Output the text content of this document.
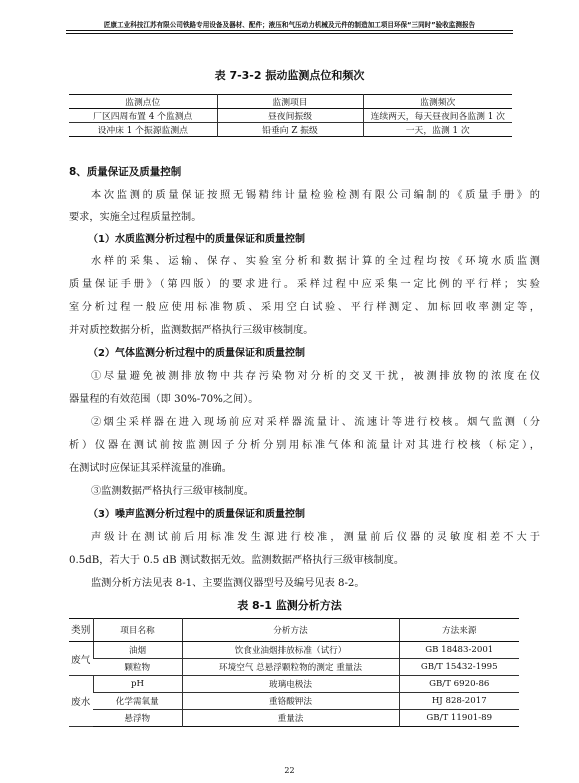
匠康工业科技江苏有限公司铁路专用设备及器材、配件；液压和气压动力机械及元件的制造加工项目环保“三同时”验收监测报告
表 7-3-2 振动监测点位和频次
监测点位	监测项目	监测频次
厂区四周布置 4 个监测点	昼夜间振级	连续两天，每天昼夜间各监测 1 次
设冲床 1 个振源监测点	铅垂向 Z 振级	一天，监测 1 次
8、质量保证及质量控制
本次监测的质量保证按照无锡精纬计量检验检测有限公司编制的《质量手册》的
要求，实施全过程质量控制。
（1）水质监测分析过程中的质量保证和质量控制
水样的采集、运输、保存、实验室分析和数据计算的全过程均按《环境水质监测
质量保证手册》（第四版）的要求进行。采样过程中应采集一定比例的平行样；实验
室分析过程一般应使用标准物质、采用空白试验、平行样测定、加标回收率测定等，
并对质控数据分析，监测数据严格执行三级审核制度。
（2）气体监测分析过程中的质量保证和质量控制
①尽量避免被测排放物中共存污染物对分析的交叉干扰，被测排放物的浓度在仪
器量程的有效范围（即 30%-70%之间）。
②烟尘采样器在进入现场前应对采样器流量计、流速计等进行校核。烟气监测（分
析）仪器在测试前按监测因子分析分别用标准气体和流量计对其进行校核（标定），
在测试时应保证其采样流量的准确。
③监测数据严格执行三级审核制度。
（3）噪声监测分析过程中的质量保证和质量控制
声级计在测试前后用标准发生源进行校准，测量前后仪器的灵敏度相差不大于
0.5dB，若大于 0.5 dB 测试数据无效。监测数据严格执行三级审核制度。
监测分析方法见表 8-1、主要监测仪器型号及编号见表 8-2。
表 8-1 监测分析方法
类别	项目名称	分析方法	方法来源
废气	油烟	饮食业油烟排放标准（试行）	GB 18483-2001
	颗粒物	环境空气 总悬浮颗粒物的测定 重量法	GB/T 15432-1995
废水	pH	玻璃电极法	GB/T 6920-86
	化学需氧量	重铬酸钾法	HJ 828-2017
	悬浮物	重量法	GB/T 11901-89
22
